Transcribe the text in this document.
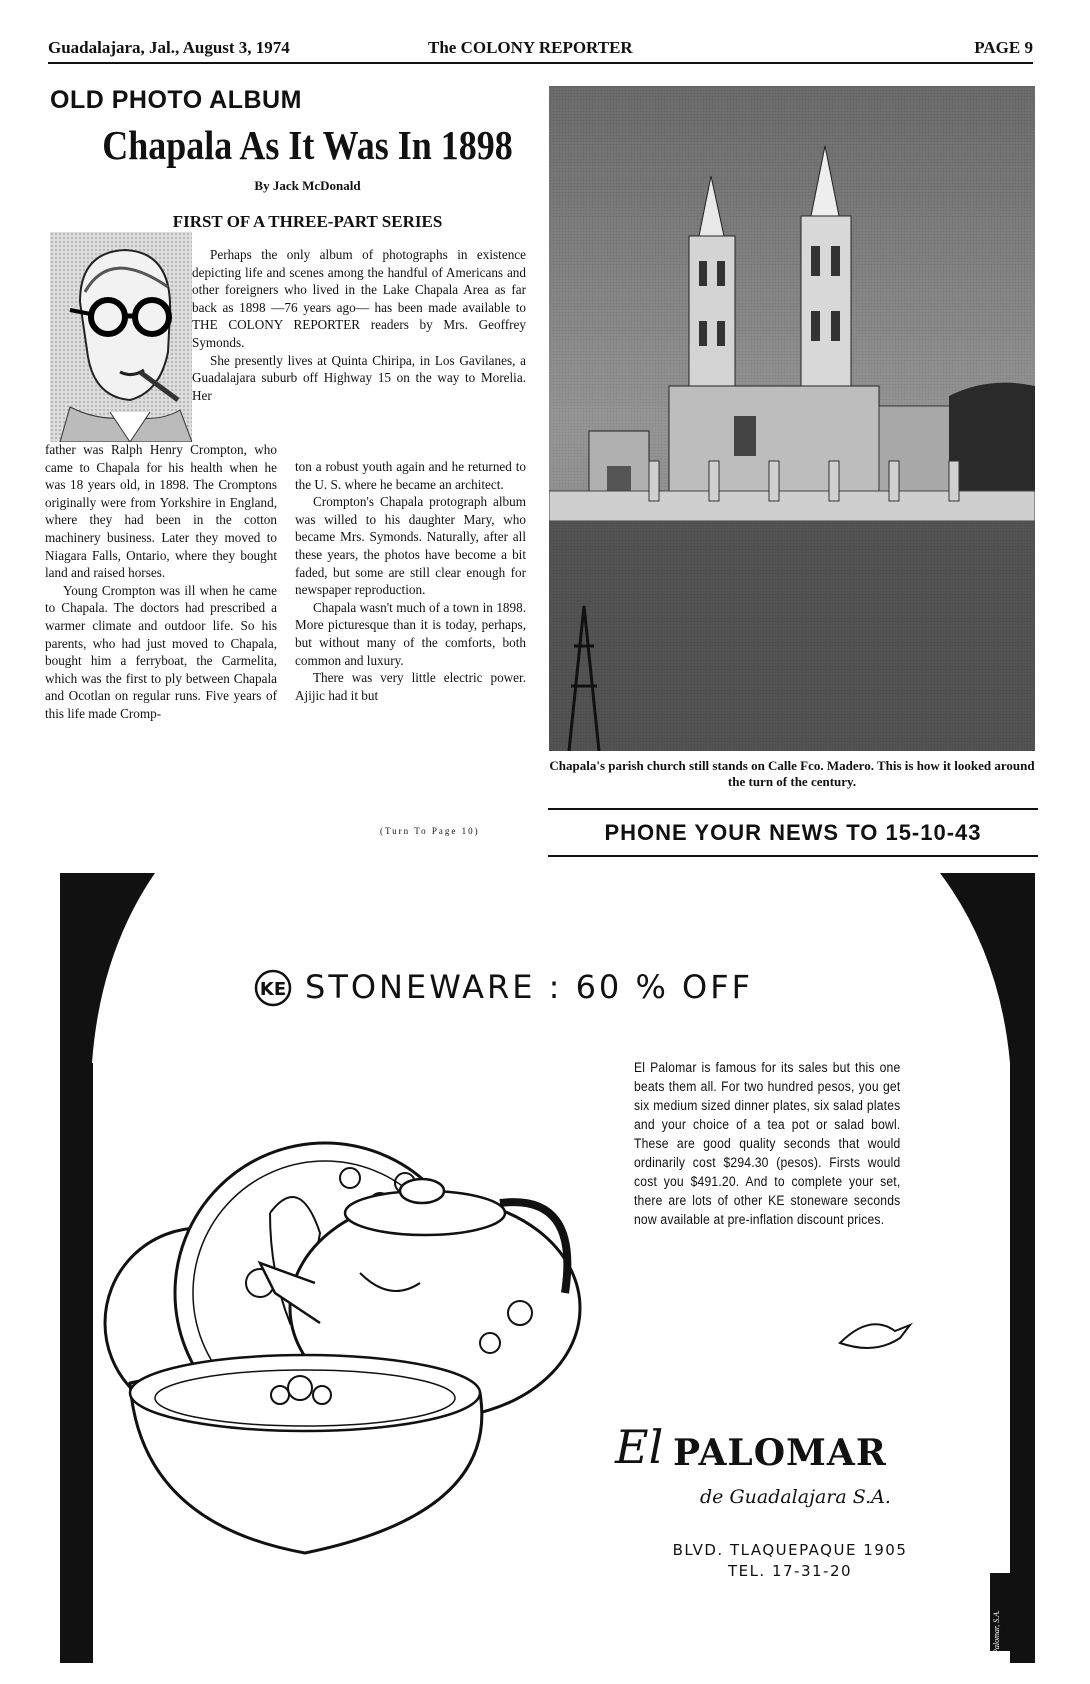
Guadalajara, Jal., August 3, 1974	The COLONY REPORTER	PAGE 9
OLD PHOTO ALBUM
Chapala As It Was In 1898
By Jack McDonald
FIRST OF A THREE-PART SERIES

Perhaps the only album of photographs in existence depicting life and scenes among the handful of Americans and other foreigners who lived in the Lake Chapala Area as far back as 1898 —76 years ago— has been made available to THE COLONY REPORTER readers by Mrs. Geoffrey Symonds.

She presently lives at Quinta Chiripa, in Los Gavilanes, a Guadalajara suburb off Highway 15 on the way to Morelia. Her

father was Ralph Henry Crompton, who came to Chapala for his health when he was 18 years old, in 1898. The Cromptons originally were from Yorkshire in England, where they had been in the cotton machinery business. Later they moved to Niagara Falls, Ontario, where they bought land and raised horses.

Young Crompton was ill when he came to Chapala. The doctors had prescribed a warmer climate and outdoor life. So his parents, who had just moved to Chapala, bought him a ferryboat, the Carmelita, which was the first to ply between Chapala and Ocotlan on regular runs. Five years of this life made Cromp-

ton a robust youth again and he returned to the U. S. where he became an architect.

Crompton's Chapala protograph album was willed to his daughter Mary, who became Mrs. Symonds. Naturally, after all these years, the photos have become a bit faded, but some are still clear enough for newspaper reproduction.

Chapala wasn't much of a town in 1898. More picturesque than it is today, perhaps, but without many of the comforts, both common and luxury.

There was very little electric power. Ajijic had it but

(Turn To Page 10)
Chapala's parish church still stands on Calle Fco. Madero. This is how it looked around the turn of the century.
PHONE YOUR NEWS TO 15-10-43
KE STONEWARE : 60 % OFF
El Palomar is famous for its sales but this one beats them all. For two hundred pesos, you get six medium sized dinner plates, six salad plates and your choice of a tea pot or salad bowl. These are good quality seconds that would ordinarily cost $294.30 (pesos). Firsts would cost you $491.20. And to complete your set, there are lots of other KE stoneware seconds now available at pre-inflation discount prices.
El PALOMAR
de Guadalajara S.A.
BLVD. TLAQUEPAQUE 1905
TEL. 17-31-20
Palomar, S.A.
